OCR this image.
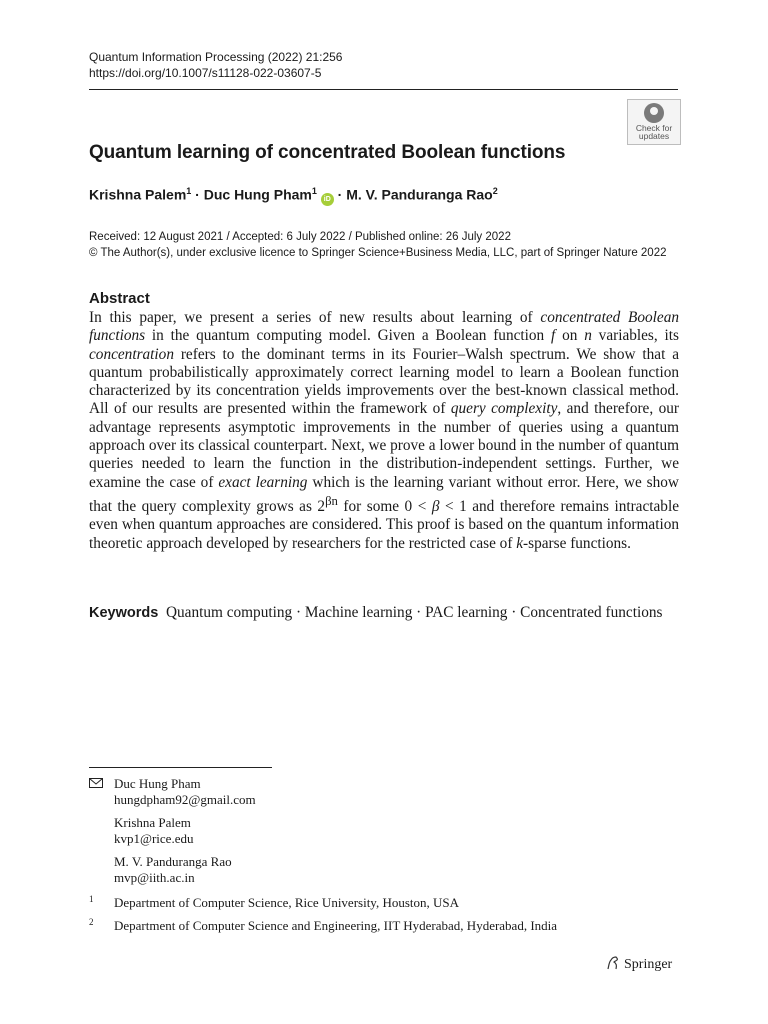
Quantum Information Processing (2022) 21:256
https://doi.org/10.1007/s11128-022-03607-5
Check for
updates
Quantum learning of concentrated Boolean functions
Krishna Palem$^1$ · Duc Hung Pham$^1$ iD · M. V. Panduranga Rao$^2$
Received: 12 August 2021 / Accepted: 6 July 2022 / Published online: 26 July 2022
© The Author(s), under exclusive licence to Springer Science+Business Media, LLC, part of Springer Nature 2022
Abstract
In this paper, we present a series of new results about learning of concentrated Boolean functions in the quantum computing model. Given a Boolean function f on n variables, its concentration refers to the dominant terms in its Fourier–Walsh spectrum. We show that a quantum probabilistically approximately correct learning model to learn a Boolean function characterized by its concentration yields improvements over the best-known classical method. All of our results are presented within the framework of query complexity, and therefore, our advantage represents asymptotic improvements in the number of queries using a quantum approach over its classical counterpart. Next, we prove a lower bound in the number of quantum queries needed to learn the function in the distribution-independent settings. Further, we examine the case of exact learning which is the learning variant without error. Here, we show that the query complexity grows as $2^{\beta n}$ for some 0 < β < 1 and therefore remains intractable even when quantum approaches are considered. This proof is based on the quantum information theoretic approach developed by researchers for the restricted case of k-sparse functions.
Keywords Quantum computing · Machine learning · PAC learning · Concentrated functions
Duc Hung Pham
hungdpham92@gmail.com
Krishna Palem
kvp1@rice.edu
M. V. Panduranga Rao
mvp@iith.ac.in
1 Department of Computer Science, Rice University, Houston, USA
2 Department of Computer Science and Engineering, IIT Hyderabad, Hyderabad, India
Springer
